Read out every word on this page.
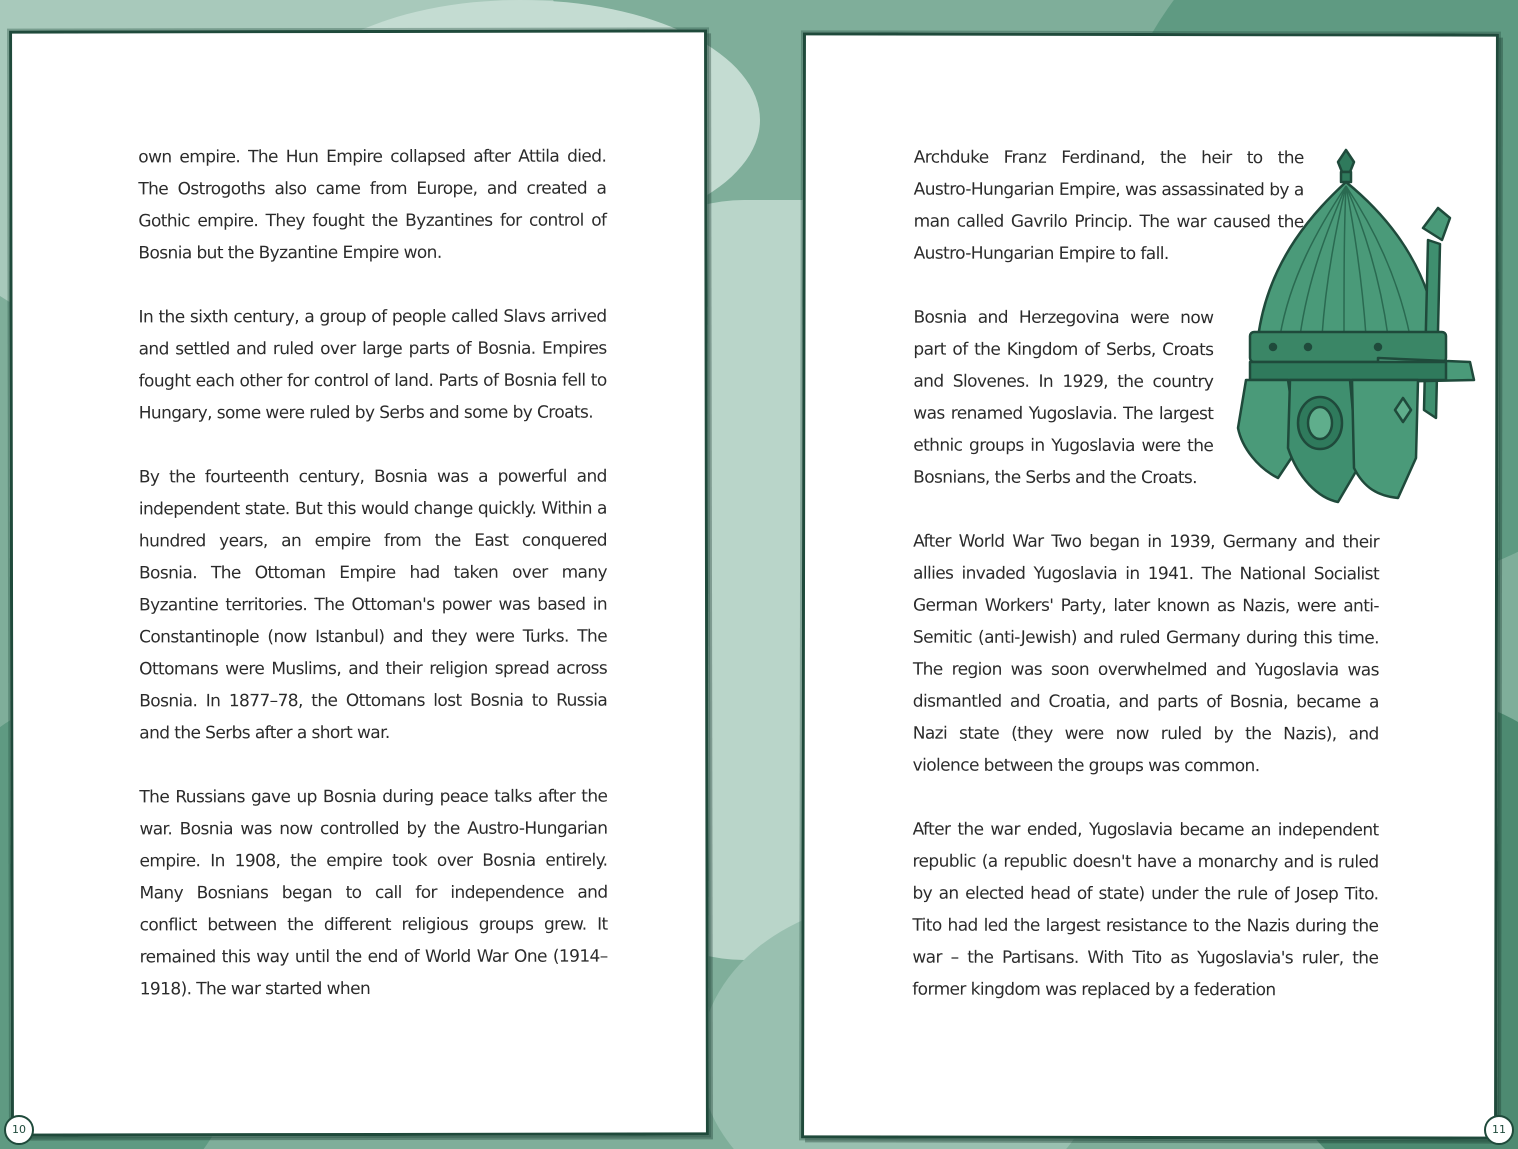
own empire. The Hun Empire collapsed after Attila died. The Ostrogoths also came from Europe, and created a Gothic empire. They fought the Byzantines for control of Bosnia but the Byzantine Empire won.

In the sixth century, a group of people called Slavs arrived and settled and ruled over large parts of Bosnia. Empires fought each other for control of land. Parts of Bosnia fell to Hungary, some were ruled by Serbs and some by Croats.

By the fourteenth century, Bosnia was a powerful and independent state. But this would change quickly. Within a hundred years, an empire from the East conquered Bosnia. The Ottoman Empire had taken over many Byzantine territories. The Ottoman's power was based in Constantinople (now Istanbul) and they were Turks. The Ottomans were Muslims, and their religion spread across Bosnia. In 1877–78, the Ottomans lost Bosnia to Russia and the Serbs after a short war.

The Russians gave up Bosnia during peace talks after the war. Bosnia was now controlled by the Austro-Hungarian empire. In 1908, the empire took over Bosnia entirely. Many Bosnians began to call for independence and conflict between the different religious groups grew. It remained this way until the end of World War One (1914–1918). The war started when

Archduke Franz Ferdinand, the heir to the Austro-Hungarian Empire, was assassinated by a man called Gavrilo Princip. The war caused the Austro-Hungarian Empire to fall.

Bosnia and Herzegovina were now part of the Kingdom of Serbs, Croats and Slovenes. In 1929, the country was renamed Yugoslavia. The largest ethnic groups in Yugoslavia were the Bosnians, the Serbs and the Croats.

After World War Two began in 1939, Germany and their allies invaded Yugoslavia in 1941. The National Socialist German Workers' Party, later known as Nazis, were anti-Semitic (anti-Jewish) and ruled Germany during this time. The region was soon overwhelmed and Yugoslavia was dismantled and Croatia, and parts of Bosnia, became a Nazi state (they were now ruled by the Nazis), and violence between the groups was common.

After the war ended, Yugoslavia became an independent republic (a republic doesn't have a monarchy and is ruled by an elected head of state) under the rule of Josep Tito. Tito had led the largest resistance to the Nazis during the war – the Partisans. With Tito as Yugoslavia's ruler, the former kingdom was replaced by a federation

10	11
